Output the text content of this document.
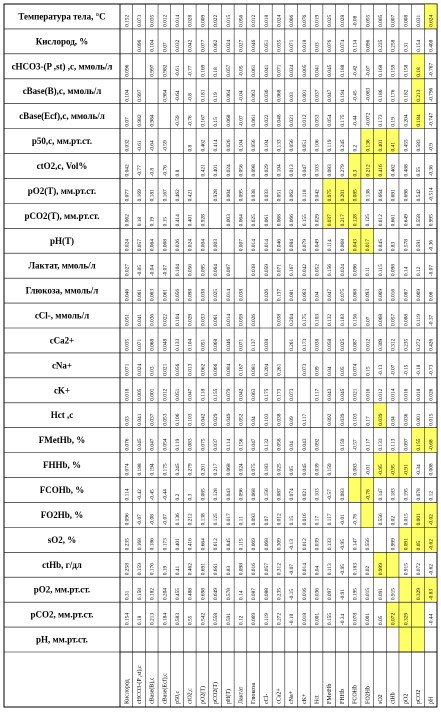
Температура тела, °С
Кислород, %
cHCO3-(P ,st) ,c, ммоль/л
cBase(B),c, ммоль/л
cBase(Ecf),c, ммоль/л
p50,c, мм.рт.ст.
ctO2,c, Vol%
pO2(T), мм.рт.ст.
pCO2(T), мм.рт.ст.
pH(T)
Лактат, ммоль/л
Глюкоза, ммоль/л
cCl-, ммоль/л
cCa2+
cNa+
cK+
Hct ,c
FMetHb, %
FHHb, %
FCOHb, %
FO2Hb, %
sO2, %
ctHb, г/дл
pO2, мм.рт.ст.
pCO2, мм.рт.ст.
pH, мм.рт.ст.
pH
pCO2
pO2
ctHb
sO2
FO2Hb
FCOHb
FHHb
FMetHb
Hct
cK+
cNa+
cCa2+
cCl-
Глюкоза
Лактат
pH(T)
pCO2(T)
pO2(T)
ctO2,c
p50,c
cBase(Ecf),c
cBase(B),c
cHCO3-(P ,st),c
Кислород
0.624
0.031
0.008
0.007
0.005
0.055
-0.08
0.028
0.025
0.019
0.076
0.006
0.024
0.018
0.012
0.056
0.015
0.022
0.009
0.028
0.014
0.012
0.035
0.073
0.152
0.408
0.154
0.31
0.258
0.235
0.096
0.114
0.074
0.076
0.03
0.018
0.071
0.035
0.051
0.046
0.027
0.024
0.062
0.077
0.042
0.032
0.07
0.104
0.096
-0.767
0.18
0.158
0.159
0.168
-0.07
-0.42
0.188
0.045
0.041
0.005
0.024
0.071
0.041
0.061
-0.05
0.057
0.18
0.169
-0.77
-0.61
0.982
0.997
0.096
-0.796
0.213
0.182
0.176
0.186
-0.083
-0.45
0.194
0.047
0.037
0.001
0.03
0.068
0.036
0.063
-0.04
0.064
0.19
0.181
-0.8
-0.64
0.984
0.997
0.104
-0.747
0.184
0.204
0.19
0.173
-0.072
-0.44
0.175
0.054
0.053
0.012
0.021
0.048
0.022
0.061
-0.07
0.068
0.15
0.167
-0.76
-0.59
0.984
0.982
0.07
-0.9
0.583
0.455
0.41
0.401
0.136
0.2
0.245
0.119
0.106
0.051
0.056
0.133
0.104
0.056
0.104
0.026
0.414
0.462
0.8
-0.59
-0.64
-0.61
0.032
-0.36
0.55
0.488
0.462
0.416
0.212
0.3
0.279
0.083
0.103
0.047
0.013
0.104
0.029
0.098
0.056
0.024
0.401
0.421
0.8
-0.76
-0.8
-0.77
0.042
-0.514
0.542
0.698
0.691
0.664
0.138
0.085
0.201
0.075
0.042
0.118
0.062
0.051
0.033
0.038
0.095
0.004
0.928
0.421
0.462
0.167
0.181
0.169
0.077
0.995
0.558
0.649
0.661
0.612
0.125
0.128
0.217
0.037
0.029
0.155
0.066
0.068
0.061
0.025
0.064
0.003
0.928
0.401
0.414
0.15
0.19
0.18
0.062
-0.36
0.591
0.578
0.83
0.845
0.017
0.043
0.068
0.114
0.049
0.079
0.084
0.046
0.014
0.014
0.007
0.003
0.004
0.024
0.026
0.068
0.064
0.057
0.024
-0.07
0.12
0.14
0.098
0.115
0.11
0.096
0.024
0.156
0.052
0.042
0.167
0.071
0.059
0.038
0.007
0.064
0.095
0.056
0.104
-0.07
-0.04
-0.05
0.027
0.06
0.069
0.087
0.016
0.069
0.093
0.068
0.075
0.047
0.04
0.063
0.081
0.137
0.026
0.038
0.014
0.025
0.038
0.098
0.056
0.061
0.063
0.061
0.046
-0.37
0.119
0.088
0.057
0.068
0.07
0.156
0.183
0.132
0.103
0.175
0.204
0.038
0.026
0.059
0.014
0.061
0.033
0.029
0.104
0.022
0.036
0.041
0.051
0.426
0.272
0.235
0.312
0.309
0.012
0.087
0.025
0.058
0.038
0.173
0.261
0.038
0.137
0.071
0.046
0.068
0.051
0.104
0.133
0.048
0.068
0.071
0.035
-0.73
-0.18
-0.15
-0.07
-0.13
0.15
0.074
0.05
0.04
0.09
0.073
0.261
0.204
0.081
0.167
0.084
0.066
0.062
0.013
0.056
0.021
0.03
0.024
0.071
0.026
0.018
0.016
0.014
0.012
0.016
0.021
0.045
0.043
0.117
0.073
0.173
0.175
0.063
0.042
0.079
0.155
0.118
0.047
0.051
0.012
0.001
0.005
0.018
0.015
0.001
0.036
0.04
0.039
0.17
0.103
0.039
0.092
0.117
0.09
0.038
0.103
0.04
0.052
0.049
0.029
0.042
0.103
0.106
0.053
0.037
0.041
0.03
-0.68
0.155
0.097
0.113
0.133
0.117
-0.57
0.159
0.092
0.043
0.04
0.058
0.132
0.047
0.156
0.114
0.037
0.075
0.083
0.119
0.054
0.047
0.045
0.076
0.008
-0.34
-0.91
-0.95
-0.95
-0.01
0.083
0.159
0.039
0.045
0.05
0.025
0.183
0.075
0.024
0.068
0.217
0.201
0.279
0.245
0.175
0.194
0.188
0.074
0.12
0.078
0.195
0.183
0.147
-0.78
0.083
-0.57
0.103
0.021
0.074
0.087
0.156
0.068
0.096
0.043
0.128
0.085
0.3
0.2
-0.44
-0.45
-0.42
0.114
-0.02
0.001
0.015
0.02
0.556
-0.78
-0.01
0.117
0.17
0.016
0.15
0.012
0.07
0.093
0.11
0.017
0.125
0.138
0.212
0.136
-0.07
-0.08
-0.07
0.096
-0.62
0.05
0.091
0.999
0.556
0.147
-0.95
0.133
0.039
0.012
-0.13
0.309
0.068
0.069
0.115
0.845
0.612
0.664
0.416
0.401
0.173
0.186
0.168
0.235
-0.62
0.072
0.915
0.999
0.02
0.183
-0.95
0.113
0.04
0.014
-0.07
0.312
0.057
0.016
0.098
0.83
0.661
0.691
0.462
0.41
0.19
0.176
0.159
0.258
-0.83
0.329
0.915
0.091
0.015
0.195
-0.91
0.097
0.036
0.016
-0.15
0.235
0.088
0.087
0.14
0.578
0.649
0.698
0.488
0.455
0.204
0.182
0.158
0.31
-0.44
0.329
0.072
0.05
0.001
0.078
-0.34
0.155
0.001
0.018
-0.18
0.272
0.119
0.069
0.12
0.591
0.558
0.542
0.55
0.583
0.184
0.213
0.18
0.154
